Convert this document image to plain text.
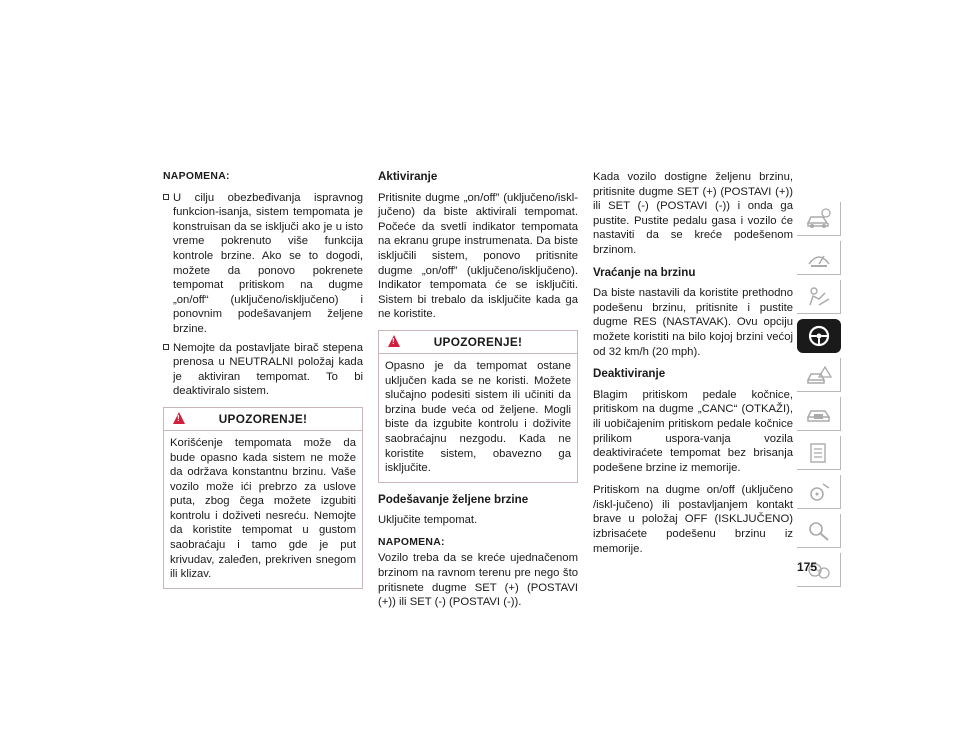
NAPOMENA:
U cilju obezbeđivanja ispravnog funkcion-isanja, sistem tempomata je konstruisan da se isključi ako je u isto vreme pokrenuto više funkcija kontrole brzine. Ako se to dogodi, možete da ponovo pokrenete tempomat pritiskom na dugme „on/off“ (uključeno/isključeno) i ponovnim podešavanjem željene brzine.
Nemojte da postavljate birač stepena prenosa u NEUTRALNI položaj kada je aktiviran tempomat. To bi deaktiviralo sistem.
!	UPOZORENJE!
Korišćenje tempomata može da bude opasno kada sistem ne može da održava konstantnu brzinu. Vaše vozilo može ići prebrzo za uslove puta, zbog čega možete izgubiti kontrolu i doživeti nesreću. Nemojte da koristite tempomat u gustom saobraćaju i tamo gde je put krivudav, zaleđen, prekriven snegom ili klizav.
Aktiviranje

Pritisnite dugme „on/off” (uključeno/iskl-jučeno) da biste aktivirali tempomat. Počeće da svetli indikator tempomata na ekranu grupe instrumenata. Da biste isključili sistem, ponovo pritisnite dugme „on/off” (uključeno/isključeno). Indikator tempomata će se isključiti. Sistem bi trebalo da isključite kada ga ne koristite.

!	UPOZORENJE!
Opasno je da tempomat ostane uključen kada se ne koristi. Možete slučajno podesiti sistem ili učiniti da brzina bude veća od željene. Mogli biste da izgubite kontrolu i doživite saobraćajnu nezgodu. Kada ne koristite sistem, obavezno ga isključite.
Podešavanje željene brzine

Uključite tempomat.

NAPOMENA:

Vozilo treba da se kreće ujednačenom brzinom na ravnom terenu pre nego što pritisnete dugme SET (+) (POSTAVI (+)) ili SET (-) (POSTAVI (-)).

Kada vozilo dostigne željenu brzinu, pritisnite dugme SET (+) (POSTAVI (+)) ili SET (-) (POSTAVI (-)) i onda ga pustite. Pustite pedalu gasa i vozilo će nastaviti da se kreće podešenom brzinom.

Vraćanje na brzinu

Da biste nastavili da koristite prethodno podešenu brzinu, pritisnite i pustite dugme RES (NASTAVAK). Ovu opciju možete koristiti na bilo kojoj brzini većoj od 32 km/h (20 mph).

Deaktiviranje

Blagim pritiskom pedale kočnice, pritiskom na dugme „CANC“ (OTKAŽI), ili uobičajenim pritiskom pedale kočnice prilikom uspora-vanja vozila deaktiviraćete tempomat bez brisanja podešene brzine iz memorije.

Pritiskom na dugme on/off (uključeno /iskl-jučeno) ili postavljanjem kontakt brave u položaj OFF (ISKLJUČENO) izbrisaćete podešenu brzinu iz memorije.

175
